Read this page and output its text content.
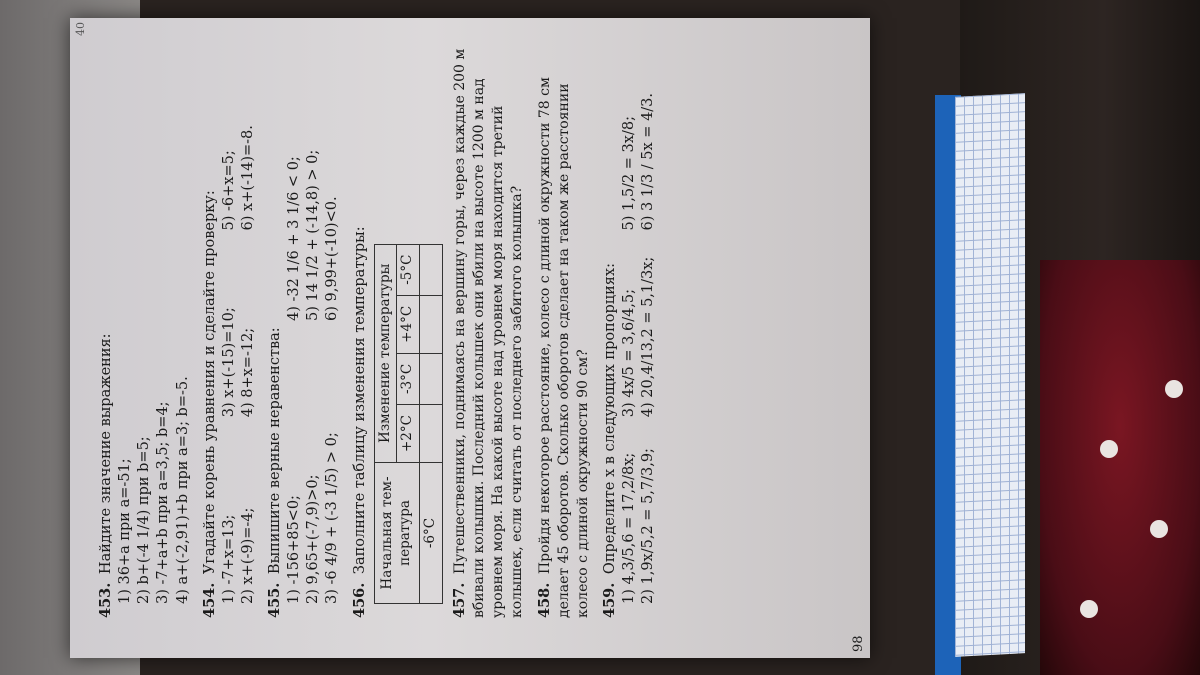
40
453. Найдите значение выражения: 1) 36+a при a=-51; 2) b+(-4 1/4) при b=5; 3) -7+a+b при a=3,5; b=4; 4) a+(-2,91)+b при a=3; b=-5. 454. Угадайте корень уравнения и сделайте проверку: 1) -7+x=13;
3) x+(-15)=10;
5) -6+x=5;
2) x+(-9)=-4;
4) 8+x=-12;
6) x+(-14)=-8.
455. Выпишите верные неравенства: 1) -156+85<0;
4) -32 1/6 + 3 1/6 < 0;
2) 9,65+(-7,9)>0;
5) 14 1/2 + (-14,8) > 0;
3) -6 4/9 + (-3 1/5) > 0;
6) 9,99+(-10)<0.
456. Заполните таблицу изменения температуры: Начальная тем-пература	Изменение температуры			
	+2°C	-3°C	+4°C	-5°C
-6°C				
457. Путешественники, поднимаясь на вершину горы, через каждые 200 м вбивали колышки. Последний колышек они вбили на высоте 1200 м над уровнем моря. На какой высоте над уровнем моря находится третий колышек, если считать от последнего забитого колышка? 458. Пройдя некоторое расстояние, колесо с длиной окружности 78 см делает 45 оборотов. Сколько оборотов сделает на таком же расстоянии колесо с длиной окружности 90 см? 459. Определите x в следующих пропорциях: 1) 4,3/5,6 = 17,2/8x;
3) 4x/5 = 3,6/4,5;
5) 1,5/2 = 3x/8;
2) 1,9x/5,2 = 5,7/3,9;
4) 20,4/13,2 = 5,1/3x;
6) 3 1/3 / 5x = 4/3.
98
